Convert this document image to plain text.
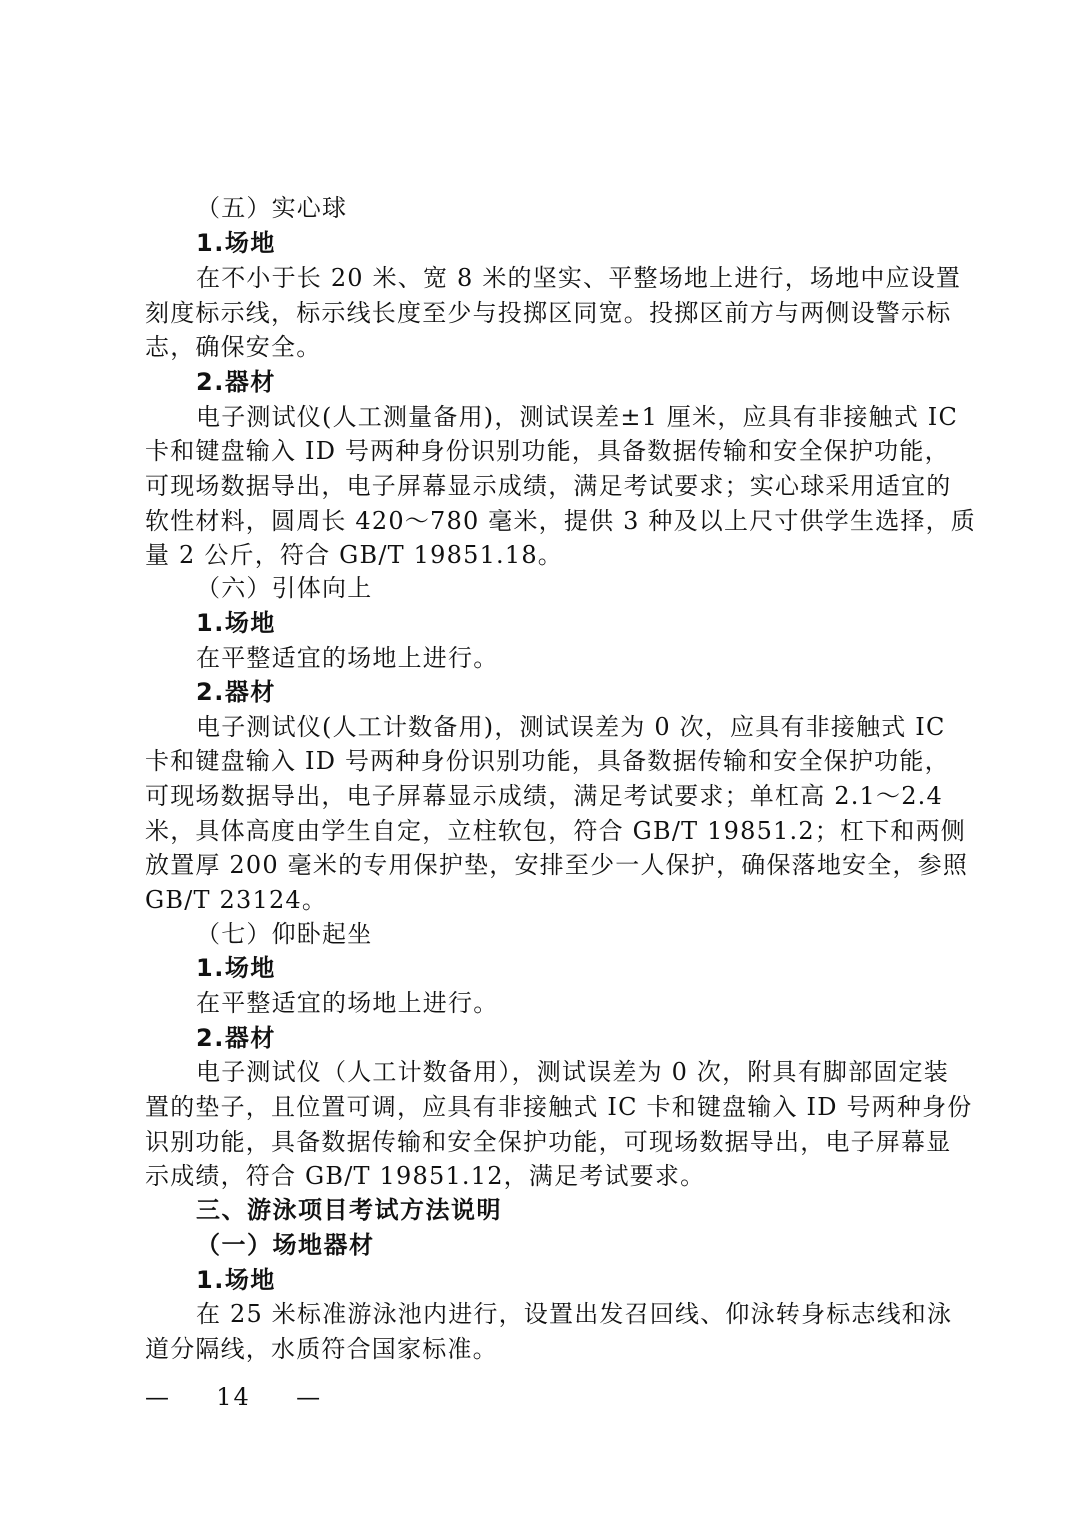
（五）实心球
1.场地
在不小于长 20 米、宽 8 米的坚实、平整场地上进行，场地中应设置
刻度标示线，标示线长度至少与投掷区同宽。投掷区前方与两侧设警示标
志，确保安全。
2.器材
电子测试仪(人工测量备用)，测试误差±1 厘米，应具有非接触式 IC
卡和键盘输入 ID 号两种身份识别功能，具备数据传输和安全保护功能，
可现场数据导出，电子屏幕显示成绩，满足考试要求；实心球采用适宜的
软性材料，圆周长 420～780 毫米，提供 3 种及以上尺寸供学生选择，质
量 2 公斤，符合 GB/T 19851.18。
（六）引体向上
1.场地
在平整适宜的场地上进行。
2.器材
电子测试仪(人工计数备用)，测试误差为 0 次，应具有非接触式 IC
卡和键盘输入 ID 号两种身份识别功能，具备数据传输和安全保护功能，
可现场数据导出，电子屏幕显示成绩，满足考试要求；单杠高 2.1～2.4
米，具体高度由学生自定，立柱软包，符合 GB/T 19851.2；杠下和两侧
放置厚 200 毫米的专用保护垫，安排至少一人保护，确保落地安全，参照
GB/T 23124。
（七）仰卧起坐
1.场地
在平整适宜的场地上进行。
2.器材
电子测试仪（人工计数备用），测试误差为 0 次，附具有脚部固定装
置的垫子，且位置可调，应具有非接触式 IC 卡和键盘输入 ID 号两种身份
识别功能，具备数据传输和安全保护功能，可现场数据导出，电子屏幕显
示成绩，符合 GB/T 19851.12，满足考试要求。
三、游泳项目考试方法说明
（一）场地器材
1.场地
在 25 米标准游泳池内进行，设置出发召回线、仰泳转身标志线和泳
道分隔线，水质符合国家标准。
— 14 —
